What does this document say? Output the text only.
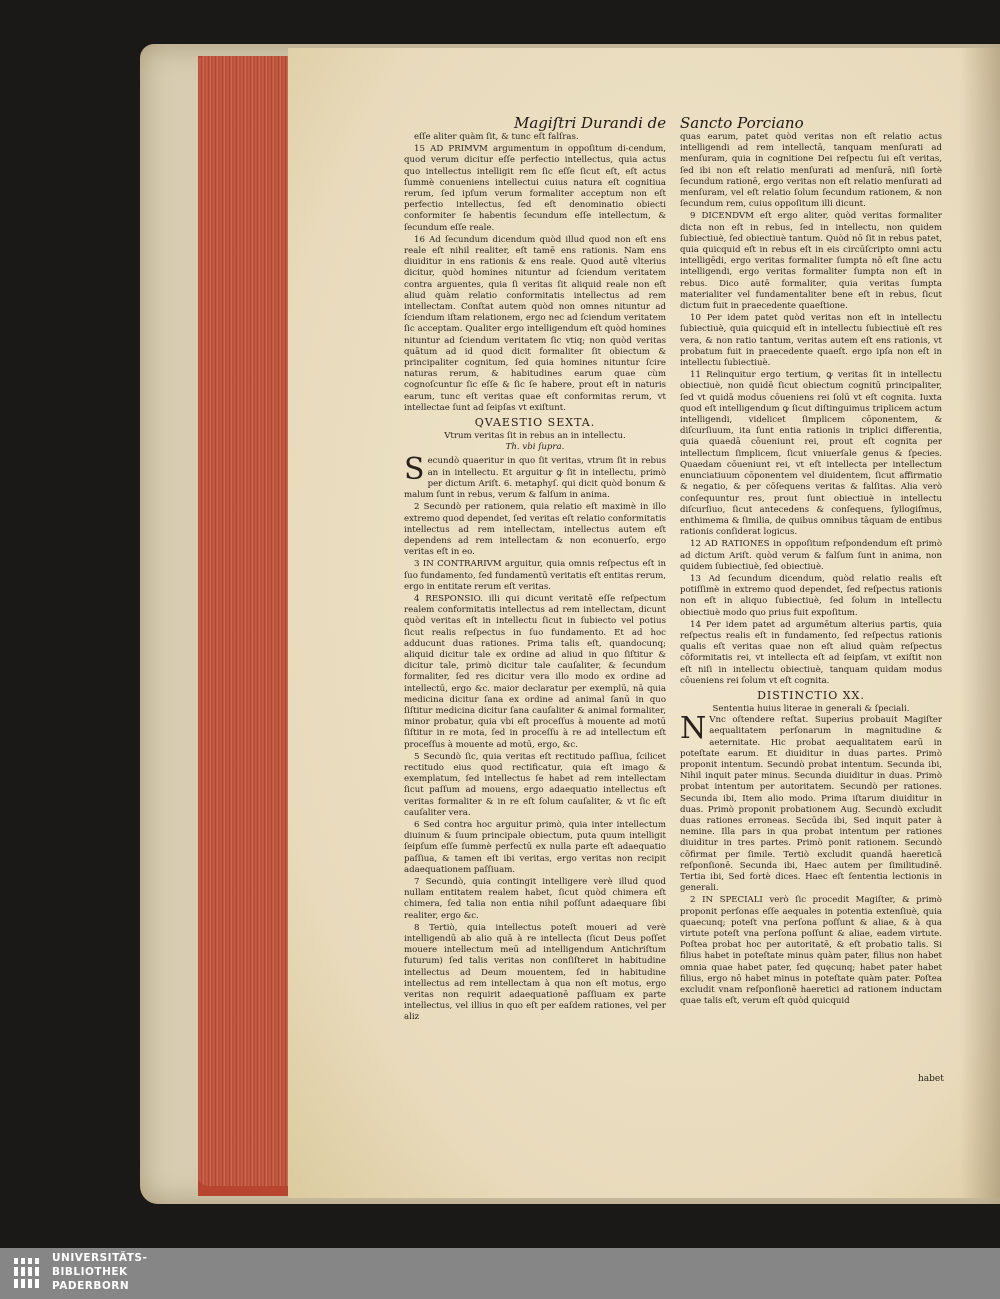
Magiſtri Durandi de Sancto Porciano

eſſe aliter quàm ſit, & tunc eſt falſras.

15 AD PRIMVM argumentum in oppoſitum di-cendum, quod verum dicitur eſſe perfectio intellectus, quia actus quo intellectus intelligit rem ſic eſſe ſicut eſt, eſt actus ſummè conueniens intellectui cuius natura eſt cognitiua rerum, ſed ipſum verum formaliter acceptum non eſt perfectio intellectus, ſed eſt denominatio obiecti conformiter ſe habentis ſecundum eſſe intellectum, & ſecundum eſſe reale.

16 Ad ſecundum dicendum quòd illud quod non eſt ens reale eſt nihil realiter, eſt tamē ens rationis. Nam ens diuiditur in ens rationis & ens reale. Quod autē vlterius dicitur, quòd homines nituntur ad ſciendum veritatem contra arguentes, quia ſi veritas ſit aliquid reale non eſt aliud quàm relatio conformitatis intellectus ad rem intellectam. Conſtat autem quòd non omnes nituntur ad ſciendum iſtam relationem, ergo nec ad ſciendum veritatem ſic acceptam. Qualiter ergo intelligendum eſt quòd homines nituntur ad ſciendum veritatem ſic vtiq; non quòd veritas quātum ad id quod dicit formaliter ſit obiectum & principaliter cognitum, ſed quia homines nituntur ſcire naturas rerum, & habitudines earum quae cùm cognoſcuntur ſic eſſe & ſic ſe habere, prout eſt in naturis earum, tunc eſt veritas quae eſt conformitas rerum, vt intellectae ſunt ad ſeipſas vt exiſtunt.

QVAESTIO SEXTA.

Vtrum veritas ſit in rebus an in intellectu.

Th. vbi ſupra.

Secundò quaeritur in quo ſit veritas, vtrum ſit in rebus an in intellectu. Et arguitur ꝙ ſit in intellectu, primò per dictum Ariſt. 6. metaphyſ. qui dicit quòd bonum & malum ſunt in rebus, verum & falſum in anima.

2 Secundò per rationem, quia relatio eſt maximè in illo extremo quod dependet, ſed veritas eſt relatio conformitatis intellectus ad rem intellectam, intellectus autem eſt dependens ad rem intellectam & non econuerſo, ergo veritas eſt in eo.

3 IN CONTRARIVM arguitur, quia omnis reſpectus eſt in ſuo fundamento, ſed fundamentū veritatis eſt entitas rerum, ergo in entitate rerum eſt veritas.

4 RESPONSIO. illi qui dicunt veritatē eſſe reſpectum realem conformitatis intellectus ad rem intellectam, dicunt quòd veritas eſt in intellectu ſicut in ſubiecto vel potius ſicut realis reſpectus in ſuo fundamento. Et ad hoc adducunt duas rationes. Prima talis eſt, quandocunq; aliquid dicitur tale ex ordine ad aliud in quo ſiſtitur & dicitur tale, primò dicitur tale cauſaliter, & ſecundum formaliter, ſed res dicitur vera illo modo ex ordine ad intellectū, ergo &c. maior declaratur per exemplū, nā quia medicina dicitur ſana ex ordine ad animal ſanū in quo ſiſtitur medicina dicitur ſana cauſaliter & animal formaliter, minor probatur, quia vbi eſt proceſſus à mouente ad motū ſiſtitur in re mota, ſed in proceſſu à re ad intellectum eſt proceſſus à mouente ad motū, ergo, &c.

5 Secundò ſic, quia veritas eſt rectitudo paſſiua, ſcilicet rectitudo eius quod rectificatur, quia eſt imago & exemplatum, ſed intellectus ſe habet ad rem intellectam ſicut paſſum ad mouens, ergo adaequatio intellectus eſt veritas formaliter & in re eſt ſolum cauſaliter, & vt ſic eſt cauſaliter vera.

6 Sed contra hoc arguitur primò, quia inter intellectum diuinum & ſuum principale obiectum, puta quum intelligit ſeipſum eſſe ſummè perfectū ex nulla parte eſt adaequatio paſſiua, & tamen eſt ibi veritas, ergo veritas non recipit adaequationem paſſiuam.

7 Secundò, quia contingit intelligere verè illud quod nullam entitatem realem habet, ſicut quòd chimera eſt chimera, ſed talia non entia nihil poſſunt adaequare ſibi realiter, ergo &c.

8 Tertiò, quia intellectus poteſt moueri ad verè intelligendū ab alio quā à re intellecta (ſicut Deus poſſet mouere intellectum meū ad intelligendum Antichriſtum futurum) ſed talis veritas non conſiſteret in habitudine intellectus ad Deum mouentem, ſed in habitudine intellectus ad rem intellectam à qua non eſt motus, ergo veritas non requirit adaequationē paſſiuam ex parte intellectus, vel illius in quo eſt per eaſdem rationes, vel per aliz

quas earum, patet quòd veritas non eſt relatio actus intelligendi ad rem intellectā, tanquam menſurati ad menſuram, quia in cognitione Dei reſpectu ſui eſt veritas, ſed ibi non eſt relatio menſurati ad menſurā, niſi ſortè ſecundum rationē, ergo veritas non eſt relatio menſurati ad menſuram, vel eſt relatio ſolum ſecundum rationem, & non ſecundum rem, cuius oppoſitum illi dicunt.

9 DICENDVM eſt ergo aliter, quòd veritas formaliter dicta non eſt in rebus, ſed in intellectu, non quidem ſubiectiuè, ſed obiectiuè tantum. Quòd nō ſit in rebus patet, quia quicquid eſt in rebus eſt in eis circūſcripto omni actu intelligēdi, ergo veritas formaliter ſumpta nō eſt ſine actu intelligendi, ergo veritas formaliter ſumpta non eſt in rebus. Dico autē formaliter, quia veritas ſumpta materialiter vel fundamentaliter bene eſt in rebus, ſicut dictum fuit in praecedente quaeſtione.

10 Per idem patet quòd veritas non eſt in intellectu ſubiectiuè, quia quicquid eſt in intellectu ſubiectiuè eſt res vera, & non ratio tantum, veritas autem eſt ens rationis, vt probatum fuit in praecedente quaeſt. ergo ipſa non eſt in intellectu ſubiectiuè.

11 Relinquitur ergo tertium, ꝙ veritas ſit in intellectu obiectiuè, non quidē ſicut obiectum cognitū principaliter, ſed vt quidā modus cōueniens rei ſolū vt eſt cognita. Iuxta quod eſt intelligendum ꝙ ſicut diſtinguimus triplicem actum intelligendi, videlicet ſimplicem cōponentem, & diſcurſiuum, ita ſunt entia rationis in triplici differentia, quia quaedā cōueniunt rei, prout eſt cognita per intellectum ſimplicem, ſicut vniuerſale genus & ſpecies. Quaedam cōueniunt rei, vt eſt intellecta per intellectum enunciatiuum cōponentem vel diuidentem, ſicut affirmatio & negatio, & per cōſequens veritas & falſitas. Alia verò conſequuntur res, prout ſunt obiectiuè in intellectu diſcurſiuo, ſicut antecedens & conſequens, ſyllogiſmus, enthimema & ſimilia, de quibus omnibus tāquam de entibus rationis conſiderat logicus.

12 AD RATIONES in oppoſitum reſpondendum eſt primò ad dictum Ariſt. quòd verum & falſum ſunt in anima, non quidem ſubiectiuè, ſed obiectiuè.

13 Ad ſecundum dicendum, quòd relatio realis eſt potiſſimè in extremo quod dependet, ſed reſpectus rationis non eſt in aliquo ſubiectiuè, ſed ſolum in intellectu obiectiuè modo quo prius fuit expoſitum.

14 Per idem patet ad argumētum alterius partis, quia reſpectus realis eſt in fundamento, ſed reſpectus rationis qualis eſt veritas quae non eſt aliud quàm reſpectus cōformitatis rei, vt intellecta eſt ad ſeipſam, vt exiſtit non eſt niſi in intellectu obiectiuè, tanquam quidam modus cōueniens rei ſolum vt eſt cognita.

DISTINCTIO XX.

Sententia huius literae in generali & ſpeciali.

N Vnc oſtendere reſtat. Superius probauit Magiſter aequalitatem perſonarum in magnitudine & aeternitate. Hic probat aequalitatem earū in poteſtate earum. Et diuiditur in duas partes. Primò proponit intentum. Secundò probat intentum. Secunda ibi, Nihil inquit pater minus. Secunda diuiditur in duas. Primò probat intentum per autoritatem. Secundò per rationes. Secunda ibi, Item alio modo. Prima iſtarum diuiditur in duas. Primò proponit probationem Aug. Secundò excludit duas rationes erroneas. Secūda ibi, Sed inquit pater à nemine. Illa pars in qua probat intentum per rationes diuiditur in tres partes. Primò ponit rationem. Secundò cōfirmat per ſimile. Tertiò excludit quandā haereticā reſponſionē. Secunda ibi, Haec autem per ſimilitudinē. Tertia ibi, Sed fortè dices. Haec eſt ſententia lectionis in generali.

2 IN SPECIALI verò ſic procedit Magiſter, & primò proponit perſonas eſſe aequales in potentia extenſiuè, quia quaecunq; poteſt vna perſona poſſunt & aliae, & à qua virtute poteſt vna perſona poſſunt & aliae, eadem virtute. Poſtea probat hoc per autoritatē, & eſt probatio talis. Si filius habet in poteſtate minus quàm pater, filius non habet omnia quae habet pater, ſed quęcunq; habet pater habet filius, ergo nō habet minus in poteſtate quàm pater. Poſtea excludit vnam reſponſionē haeretici ad rationem inductam quae talis eſt, verum eſt quòd quicquid

habet
UNIVERSITÄTS-
BIBLIOTHEK
PADERBORN
